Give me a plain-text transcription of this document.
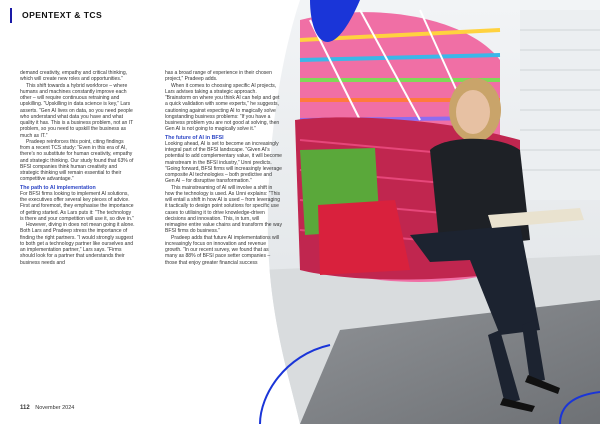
OPENTEXT & TCS

demand creativity, empathy and critical thinking, which will create new roles and opportunities.”

This shift towards a hybrid workforce – where humans and machines constantly improve each other – will require continuous retraining and upskilling. “Upskilling in data science is key,” Lars asserts. “Gen AI lives on data, so you need people who understand what data you have and what quality it has. This is a business problem, not an IT problem, so you need to upskill the business as much as IT.”

Pradeep reinforces this point, citing findings from a recent TCS study: “Even in this era of AI, there’s no substitute for human creativity, empathy and strategic thinking. Our study found that 63% of BFSI companies think human creativity and strategic thinking will remain essential to their competitive advantage.”

The path to AI implementation

For BFSI firms looking to implement AI solutions, the executives offer several key pieces of advice. First and foremost, they emphasise the importance of getting started. As Lars puts it: “The technology is there and your competition will use it, so dive in.”

However, diving in does not mean going it alone. Both Lars and Pradeep stress the importance of finding the right partners. “I would strongly suggest to both get a technology partner like ourselves and an implementation partner,” Lars says. “Firms should look for a partner that understands their business needs and

has a broad range of experience in their chosen project,” Pradeep adds.

When it comes to choosing specific AI projects, Lars advises taking a strategic approach. “Brainstorm on where you think AI can help and get a quick validation with some experts,” he suggests, cautioning against expecting AI to magically solve longstanding business problems: “If you have a business problem you are not good at solving, then Gen AI is not going to magically solve it.”

The future of AI in BFSI

Looking ahead, AI is set to become an increasingly integral part of the BFSI landscape. “Given AI’s potential to add complementary value, it will become mainstream in the BFSI industry,” Unni predicts. “Going forward, BFSI firms will increasingly leverage composite AI technologies – both predictive and Gen AI – for disruptive transformation.”

This mainstreaming of AI will involve a shift in how the technology is used. As Unni explains: “This will entail a shift in how AI is used – from leveraging it tactically to design point solutions for specific use cases to utilising it to drive knowledge-driven decisions and innovation. This, in turn, will reimagine entire value chains and transform the way BFSI firms do business.”

Pradeep adds that future AI implementations will increasingly focus on innovation and revenue growth. “In our recent survey, we found that as many as 88% of BFSI pace setter companies – those that enjoy greater financial success

112 November 2024
